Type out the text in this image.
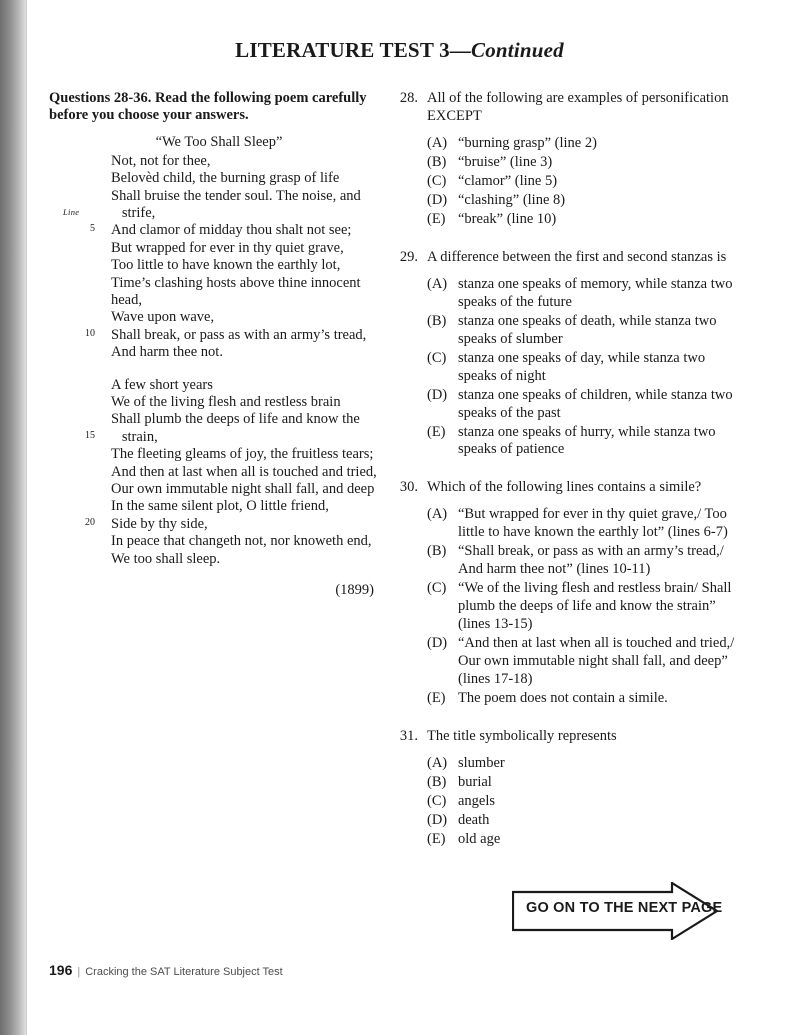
LITERATURE TEST 3—Continued

Questions 28-36. Read the following poem carefully before you choose your answers.

“We Too Shall Sleep”
Not, not for thee,
Belovèd child, the burning grasp of life
Shall bruise the tender soul. The noise, and
Line strife,
5 And clamor of midday thou shalt not see;
But wrapped for ever in thy quiet grave,
Too little to have known the earthly lot,
Time’s clashing hosts above thine innocent head,
Wave upon wave,
10 Shall break, or pass as with an army’s tread,
And harm thee not.
A few short years
We of the living flesh and restless brain
Shall plumb the deeps of life and know the
15 strain,
The fleeting gleams of joy, the fruitless tears;
And then at last when all is touched and tried,
Our own immutable night shall fall, and deep
In the same silent plot, O little friend,
20 Side by thy side,
In peace that changeth not, nor knoweth end,
We too shall sleep.
(1899)
28. All of the following are examples of personification EXCEPT
(A) “burning grasp” (line 2)
(B) “bruise” (line 3)
(C) “clamor” (line 5)
(D) “clashing” (line 8)
(E) “break” (line 10)
29. A difference between the first and second stanzas is
(A) stanza one speaks of memory, while stanza two speaks of the future
(B) stanza one speaks of death, while stanza two speaks of slumber
(C) stanza one speaks of day, while stanza two speaks of night
(D) stanza one speaks of children, while stanza two speaks of the past
(E) stanza one speaks of hurry, while stanza two speaks of patience
30. Which of the following lines contains a simile?
(A) “But wrapped for ever in thy quiet grave,/ Too little to have known the earthly lot” (lines 6-7)
(B) “Shall break, or pass as with an army’s tread,/ And harm thee not” (lines 10-11)
(C) “We of the living flesh and restless brain/ Shall plumb the deeps of life and know the strain” (lines 13-15)
(D) “And then at last when all is touched and tried,/ Our own immutable night shall fall, and deep” (lines 17-18)
(E) The poem does not contain a simile.
31. The title symbolically represents
(A) slumber
(B) burial
(C) angels
(D) death
(E) old age
GO ON TO THE NEXT PAGE
196 | Cracking the SAT Literature Subject Test
